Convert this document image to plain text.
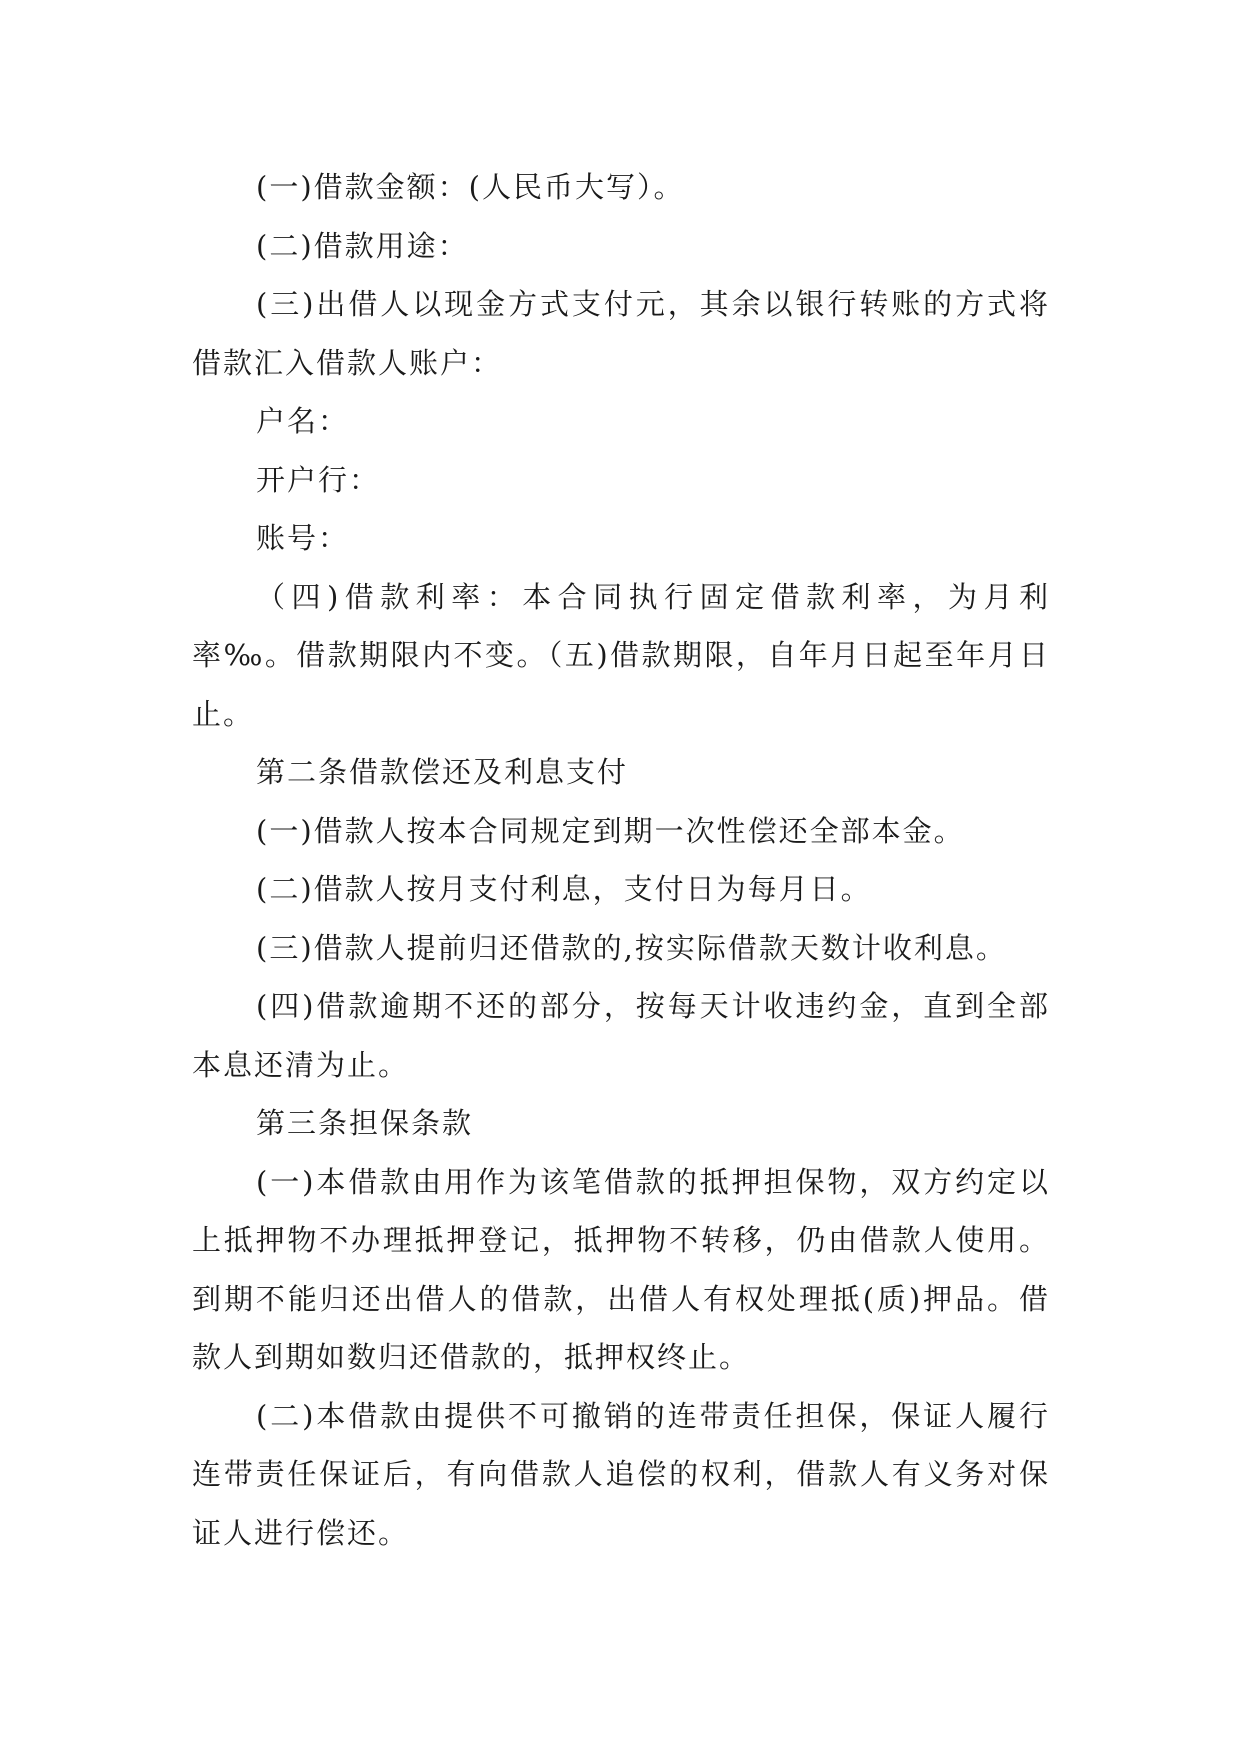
(一)借款金额：(人民币大写）。

(二)借款用途：

(三)出借人以现金方式支付元，其余以银行转账的方式将借款汇入借款人账户：

户名：

开户行：

账号：

（四)借款利率：本合同执行固定借款利率，为月利率‰。借款期限内不变。（五)借款期限，自年月日起至年月日止。

第二条借款偿还及利息支付

(一)借款人按本合同规定到期一次性偿还全部本金。

(二)借款人按月支付利息，支付日为每月日。

(三)借款人提前归还借款的,按实际借款天数计收利息。

(四)借款逾期不还的部分，按每天计收违约金，直到全部本息还清为止。

第三条担保条款

(一)本借款由用作为该笔借款的抵押担保物，双方约定以上抵押物不办理抵押登记，抵押物不转移，仍由借款人使用。到期不能归还出借人的借款，出借人有权处理抵(质)押品。借款人到期如数归还借款的，抵押权终止。

(二)本借款由提供不可撤销的连带责任担保，保证人履行连带责任保证后，有向借款人追偿的权利，借款人有义务对保证人进行偿还。
